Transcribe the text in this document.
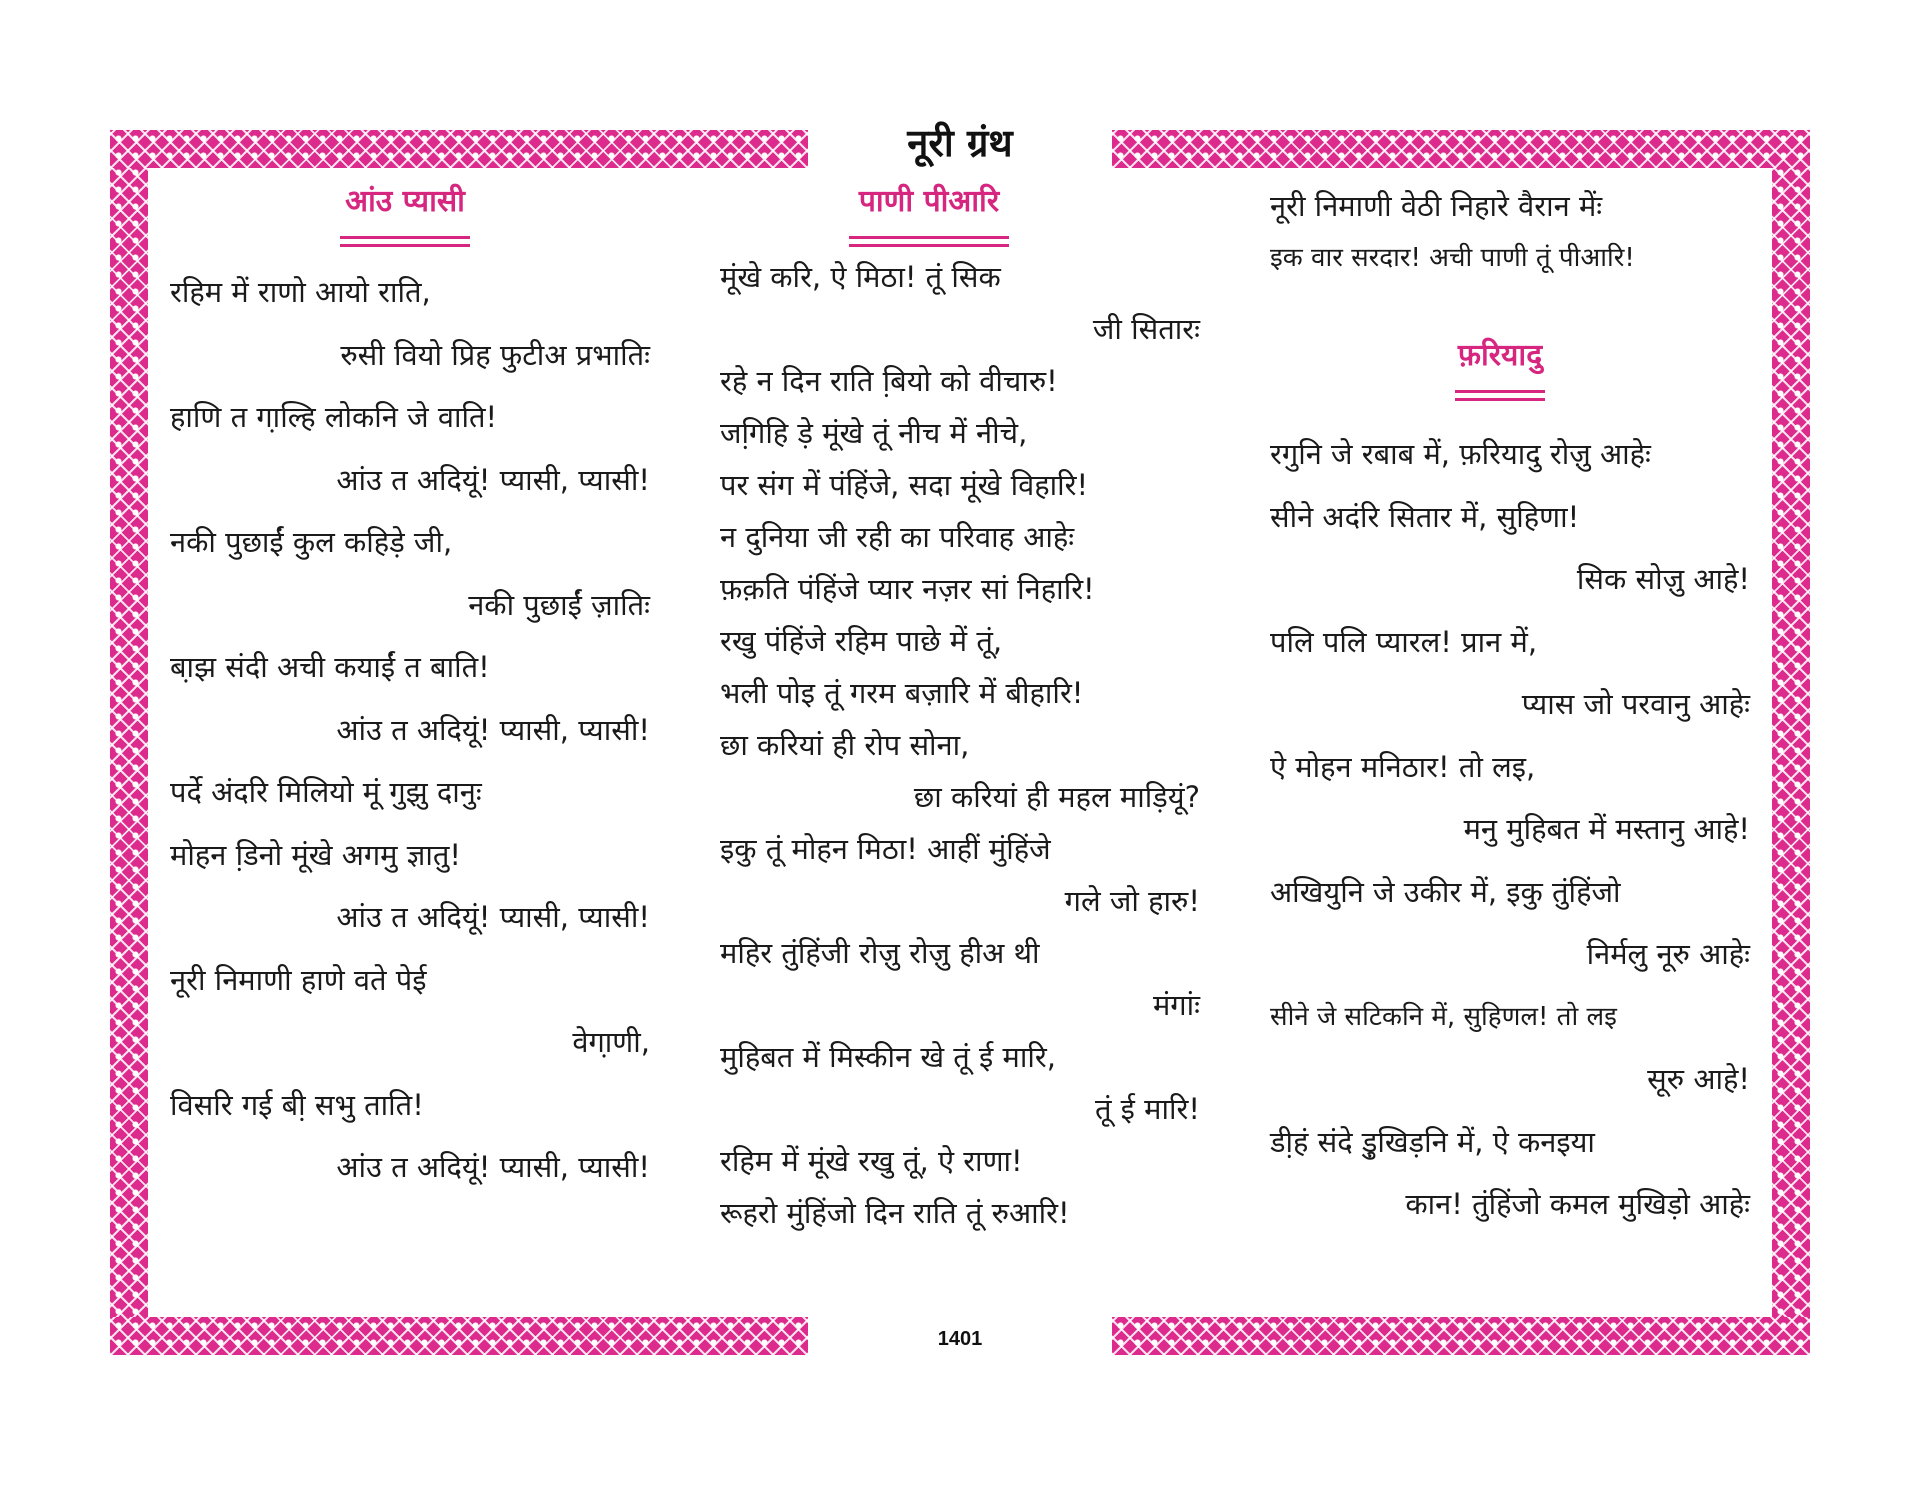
नूरी ग्रंथ
आंउ प्यासी
रहिम में राणो आयो राति,
रुसी वियो प्रिह फुटीअ प्रभातिः
हाणि त गा़ल्हि लोकनि जे वाति!
आंउ त अदियूं! प्यासी, प्यासी!
नकी पुछाईं कुल कहिड़े जी,
नकी पुछाईं ज़ातिः
बा़झ संदी अची कयाईं त बाति!
आंउ त अदियूं! प्यासी, प्यासी!
पर्दे अंदरि मिलियो मूं गुझु दानुः
मोहन डि़नो मूंखे अगमु ज्ञातु!
आंउ त अदियूं! प्यासी, प्यासी!
नूरी निमाणी हाणे वते पेई
वेगा़णी,
विसरि गई बी़ सभु ताति!
आंउ त अदियूं! प्यासी, प्यासी!
पाणी पीआरि
मूंखे करि, ऐ मिठा! तूं सिक
जी सितारः
रहे न दिन राति बि़यो को वीचारु!
जगि़हि डे़ मूंखे तूं नीच में नीचे,
पर संग में पंहिंजे, सदा मूंखे विहारि!
न दुनिया जी रही का परिवाह आहेः
फ़क़ति पंहिंजे प्यार नज़र सां निहारि!
रखु पंहिंजे रहिम पाछे में तूं,
भली पोइ तूं गरम बज़ारि में बीहारि!
छा करियां ही रोप सोना,
छा करियां ही महल माड़ियूं?
इकु तूं मोहन मिठा! आहीं मुंहिंजे
गले जो हारु!
महिर तुंहिंजी रोजु़ रोजु़ हीअ थी
मंगांः
मुहिबत में मिस्कीन खे तूं ई मारि,
तूं ई मारि!
रहिम में मूंखे रखु तूं, ऐ राणा!
रूहरो मुंहिंजो दिन राति तूं रुआरि!
नूरी निमाणी वेठी निहारे वैरान मेंः
इक वार सरदार! अची पाणी तूं पीआरि!
फ़रियादु
रगुनि जे रबाब में, फ़रियादु रोजु़ आहेः
सीने अदंरि सितार में, सुहिणा!
सिक सोजु़ आहे!
पलि पलि प्यारल! प्रान में,
प्यास जो परवानु आहेः
ऐ मोहन मनिठार! तो लइ,
मनु मुहिबत में मस्तानु आहे!
अखियुनि जे उकीर में, इकु तुंहिंजो
निर्मलु नूरु आहेः
सीने जे सटिकनि में, सुहिणल! तो लइ
सूरु आहे!
डी़हं संदे डु़खिड़नि में, ऐ कनइया
कान! तुंहिंजो कमल मुखिड़ो आहेः
1401
